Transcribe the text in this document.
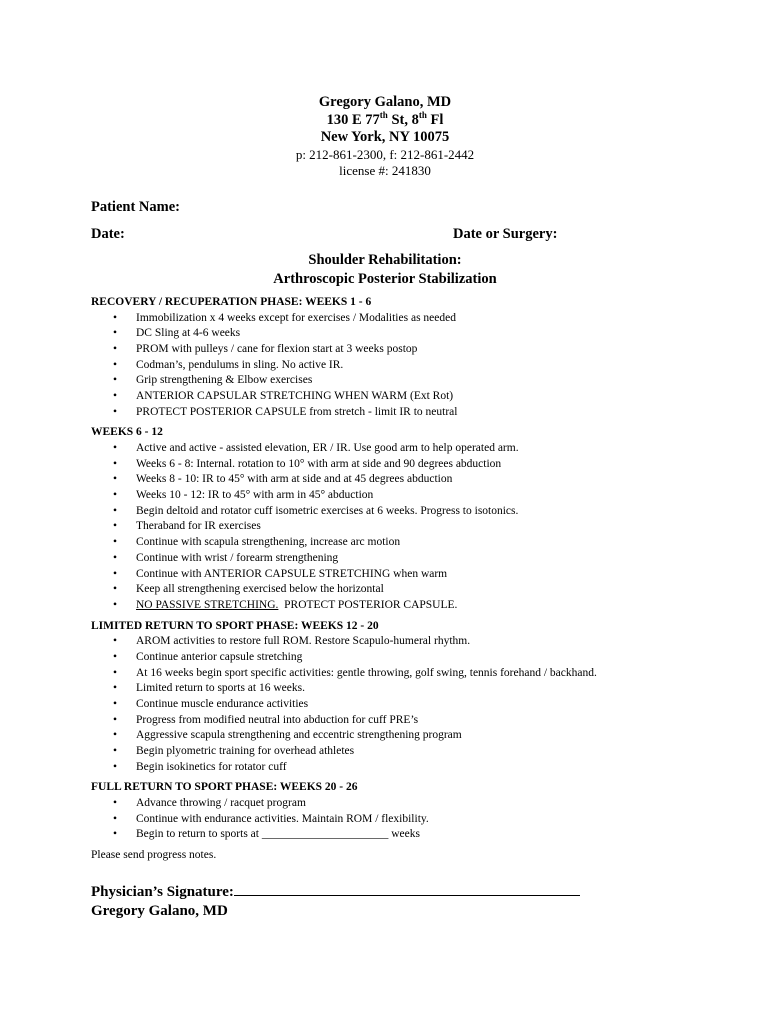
Gregory Galano, MD
130 E 77th St, 8th Fl
New York, NY 10075
p: 212-861-2300, f: 212-861-2442
license #: 241830
Patient Name:
Date:	Date or Surgery:
Shoulder Rehabilitation:
Arthroscopic Posterior Stabilization
RECOVERY / RECUPERATION PHASE: WEEKS 1 - 6
• Immobilization x 4 weeks except for exercises / Modalities as needed
• DC Sling at 4-6 weeks
• PROM with pulleys / cane for flexion start at 3 weeks postop
• Codman’s, pendulums in sling. No active IR.
• Grip strengthening & Elbow exercises
• ANTERIOR CAPSULAR STRETCHING WHEN WARM (Ext Rot)
• PROTECT POSTERIOR CAPSULE from stretch - limit IR to neutral
WEEKS 6 - 12
• Active and active - assisted elevation, ER / IR. Use good arm to help operated arm.
• Weeks 6 - 8: Internal. rotation to 10° with arm at side and 90 degrees abduction
• Weeks 8 - 10: IR to 45° with arm at side and at 45 degrees abduction
• Weeks 10 - 12: IR to 45° with arm in 45° abduction
• Begin deltoid and rotator cuff isometric exercises at 6 weeks. Progress to isotonics.
• Theraband for IR exercises
• Continue with scapula strengthening, increase arc motion
• Continue with wrist / forearm strengthening
• Continue with ANTERIOR CAPSULE STRETCHING when warm
• Keep all strengthening exercised below the horizontal
• NO PASSIVE STRETCHING.  PROTECT POSTERIOR CAPSULE.
LIMITED RETURN TO SPORT PHASE: WEEKS 12 - 20
• AROM activities to restore full ROM. Restore Scapulo-humeral rhythm.
• Continue anterior capsule stretching
• At 16 weeks begin sport specific activities: gentle throwing, golf swing, tennis forehand / backhand.
• Limited return to sports at 16 weeks.
• Continue muscle endurance activities
• Progress from modified neutral into abduction for cuff PRE’s
• Aggressive scapula strengthening and eccentric strengthening program
• Begin plyometric training for overhead athletes
• Begin isokinetics for rotator cuff
FULL RETURN TO SPORT PHASE: WEEKS 20 - 26
• Advance throwing / racquet program
• Continue with endurance activities. Maintain ROM / flexibility.
• Begin to return to sports at ______________________ weeks
Please send progress notes.
Physician’s Signature:
Gregory Galano, MD
